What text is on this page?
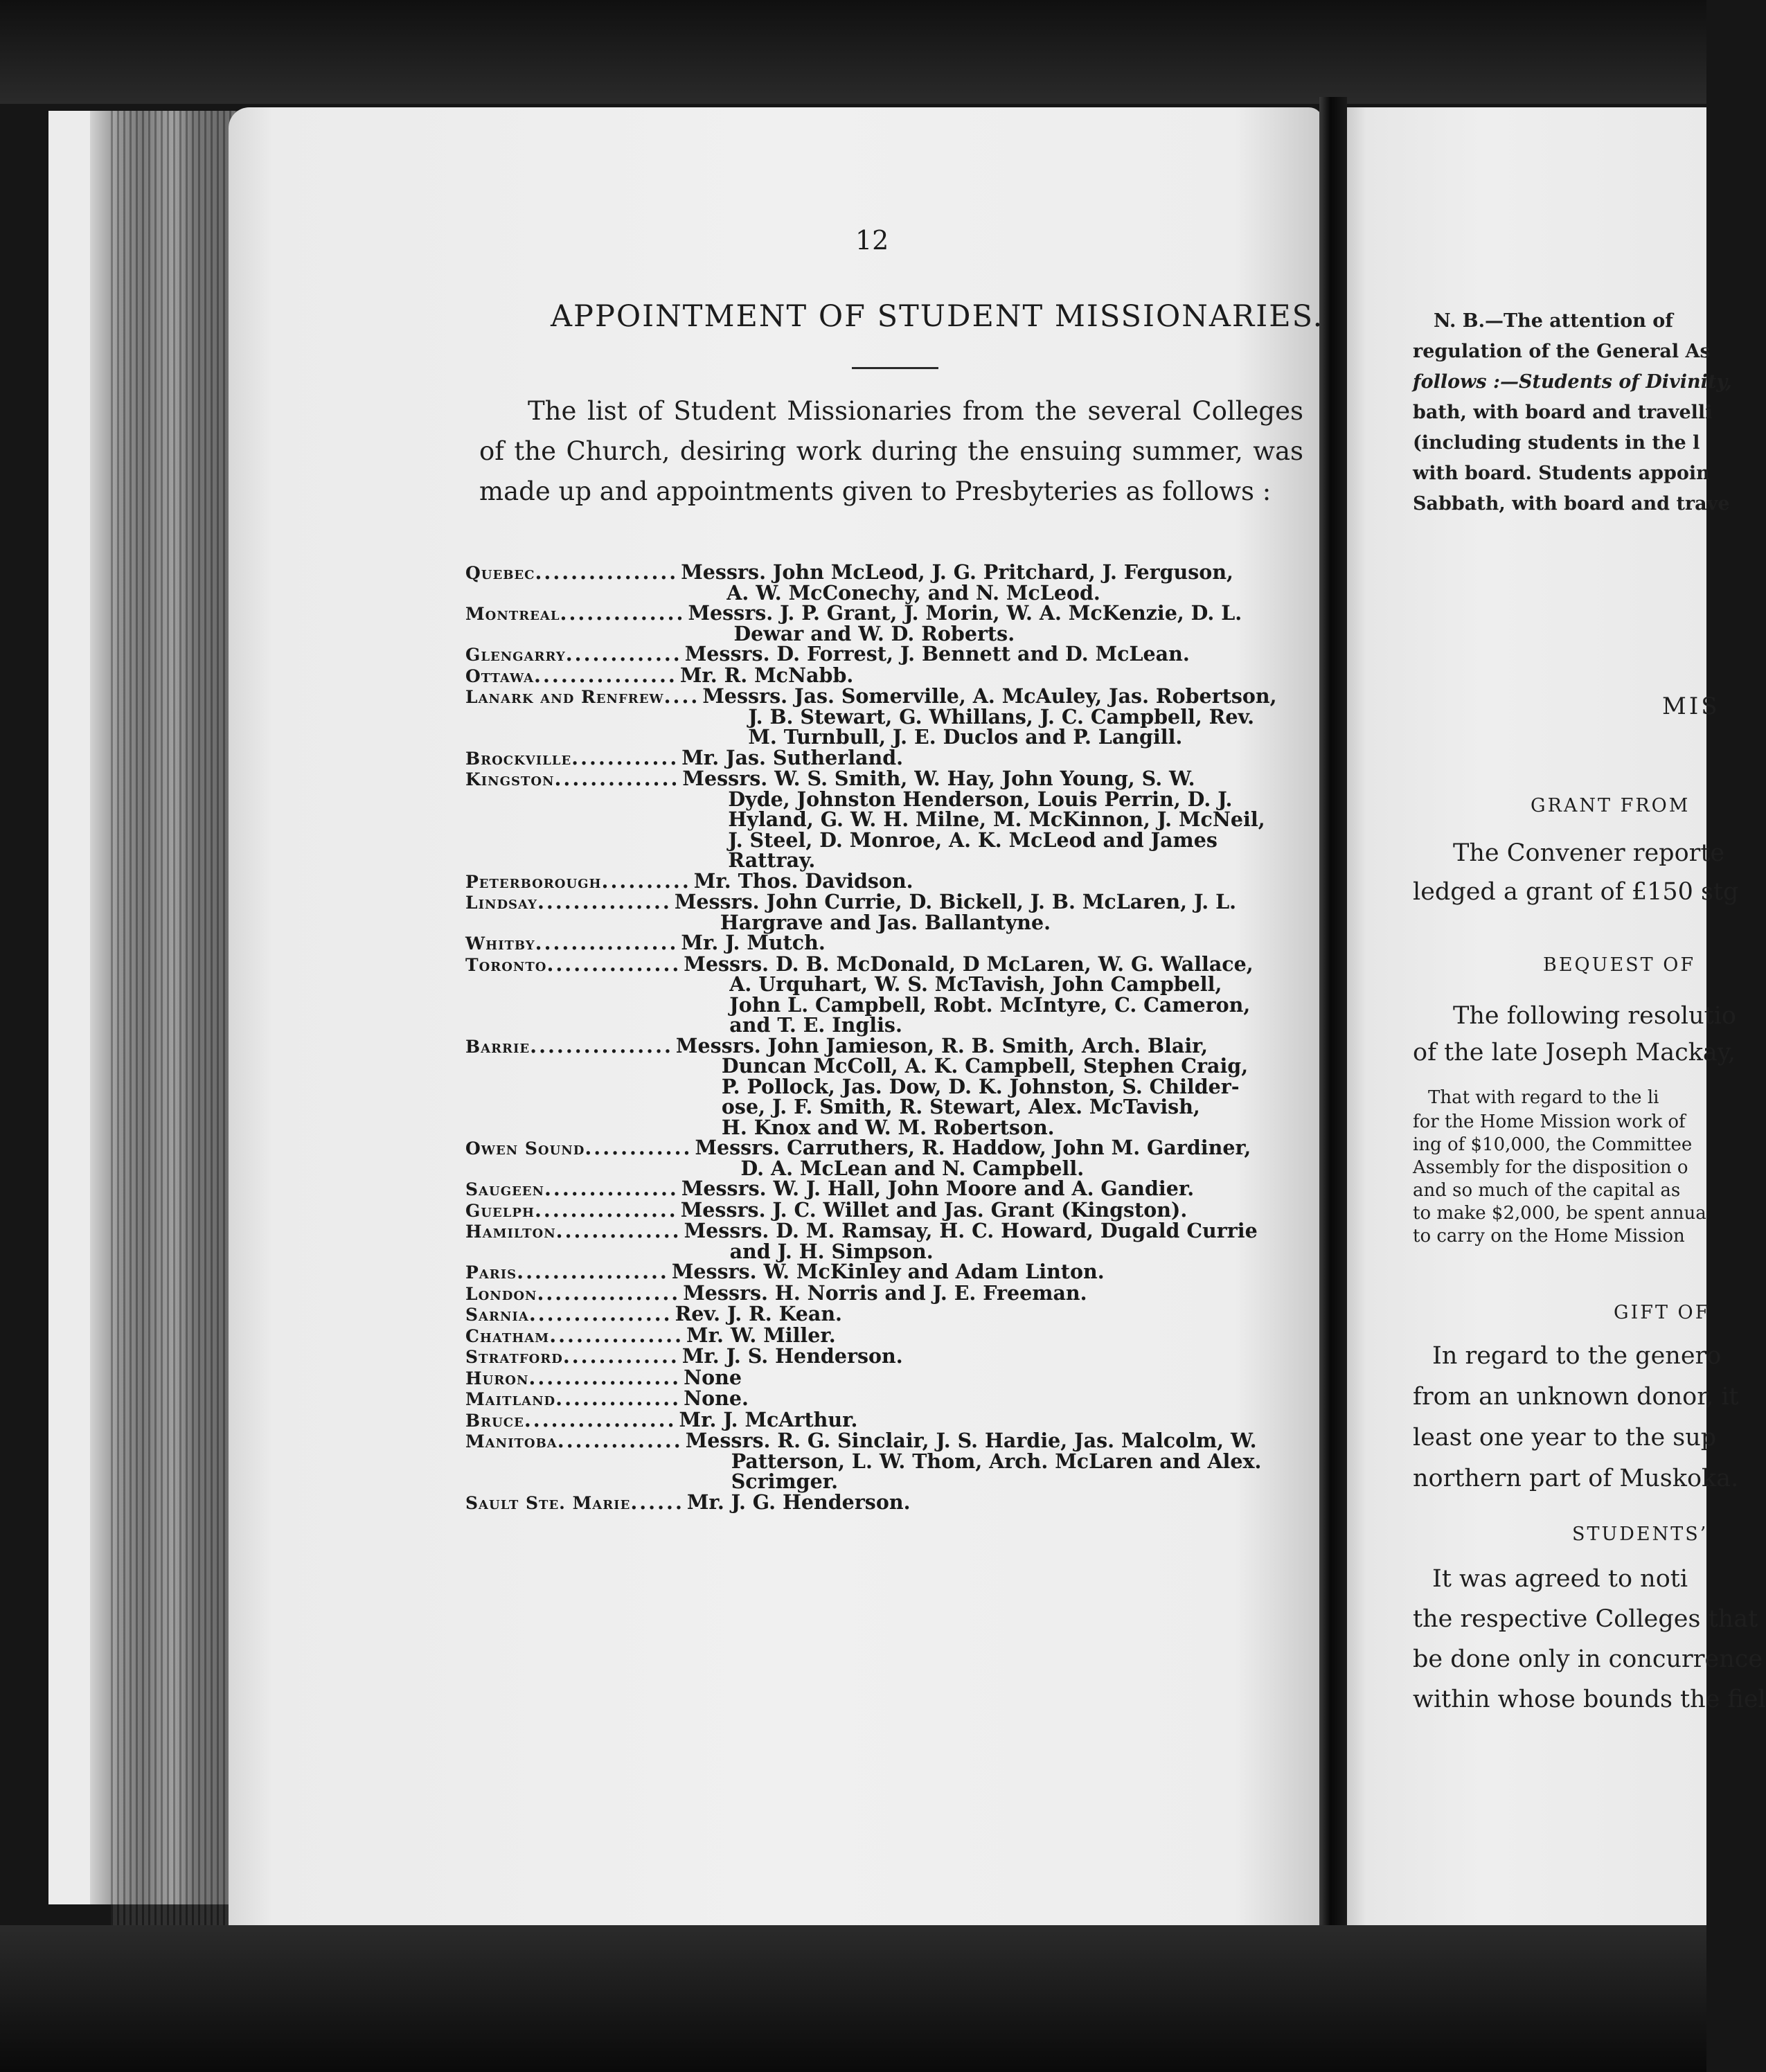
12
APPOINTMENT OF STUDENT MISSIONARIES.
The list of Student Missionaries from the several Colleges of the Church, desiring work during the ensuing summer, was made up and appointments given to Presbyteries as follows :
Quebec................ Messrs. John McLeod, J. G. Pritchard, J. Ferguson,
A. W. McConechy, and N. McLeod.
Montreal.............. Messrs. J. P. Grant, J. Morin, W. A. McKenzie, D. L.
Dewar and W. D. Roberts.
Glengarry............. Messrs. D. Forrest, J. Bennett and D. McLean.
Ottawa................ Mr. R. McNabb.
Lanark and Renfrew.... Messrs. Jas. Somerville, A. McAuley, Jas. Robertson,
J. B. Stewart, G. Whillans, J. C. Campbell, Rev.
M. Turnbull, J. E. Duclos and P. Langill.
Brockville............ Mr. Jas. Sutherland.
Kingston.............. Messrs. W. S. Smith, W. Hay, John Young, S. W.
Dyde, Johnston Henderson, Louis Perrin, D. J.
Hyland, G. W. H. Milne, M. McKinnon, J. McNeil,
J. Steel, D. Monroe, A. K. McLeod and James
Rattray.
Peterborough.......... Mr. Thos. Davidson.
Lindsay............... Messrs. John Currie, D. Bickell, J. B. McLaren, J. L.
Hargrave and Jas. Ballantyne.
Whitby................ Mr. J. Mutch.
Toronto............... Messrs. D. B. McDonald, D McLaren, W. G. Wallace,
A. Urquhart, W. S. McTavish, John Campbell,
John L. Campbell, Robt. McIntyre, C. Cameron,
and T. E. Inglis.
Barrie................ Messrs. John Jamieson, R. B. Smith, Arch. Blair,
Duncan McColl, A. K. Campbell, Stephen Craig,
P. Pollock, Jas. Dow, D. K. Johnston, S. Childer-
ose, J. F. Smith, R. Stewart, Alex. McTavish,
H. Knox and W. M. Robertson.
Owen Sound............ Messrs. Carruthers, R. Haddow, John M. Gardiner,
D. A. McLean and N. Campbell.
Saugeen............... Messrs. W. J. Hall, John Moore and A. Gandier.
Guelph................ Messrs. J. C. Willet and Jas. Grant (Kingston).
Hamilton.............. Messrs. D. M. Ramsay, H. C. Howard, Dugald Currie
and J. H. Simpson.
Paris................. Messrs. W. McKinley and Adam Linton.
London................ Messrs. H. Norris and J. E. Freeman.
Sarnia................ Rev. J. R. Kean.
Chatham............... Mr. W. Miller.
Stratford............. Mr. J. S. Henderson.
Huron................. None
Maitland.............. None.
Bruce................. Mr. J. McArthur.
Manitoba.............. Messrs. R. G. Sinclair, J. S. Hardie, Jas. Malcolm, W.
Patterson, L. W. Thom, Arch. McLaren and Alex.
Scrimger.
Sault Ste. Marie...... Mr. J. G. Henderson.
N. B.—The attention of
regulation of the General As
follows :—Students of Divinity,
bath, with board and travelli
(including students in the l
with board. Students appoin
Sabbath, with board and trave
MIS
GRANT FROM
The Convener reporte
ledged a grant of £150 stg
BEQUEST OF
The following resolutio
of the late Joseph Mackay,
That with regard to the li
for the Home Mission work of
ing of $10,000, the Committee
Assembly for the disposition o
and so much of the capital as
to make $2,000, be spent annua
to carry on the Home Mission
GIFT OF
In regard to the genero
from an unknown donor, it
least one year to the sup
northern part of Muskoka.
STUDENTS’
It was agreed to noti
the respective Colleges that
be done only in concurrence
within whose bounds the fiel
